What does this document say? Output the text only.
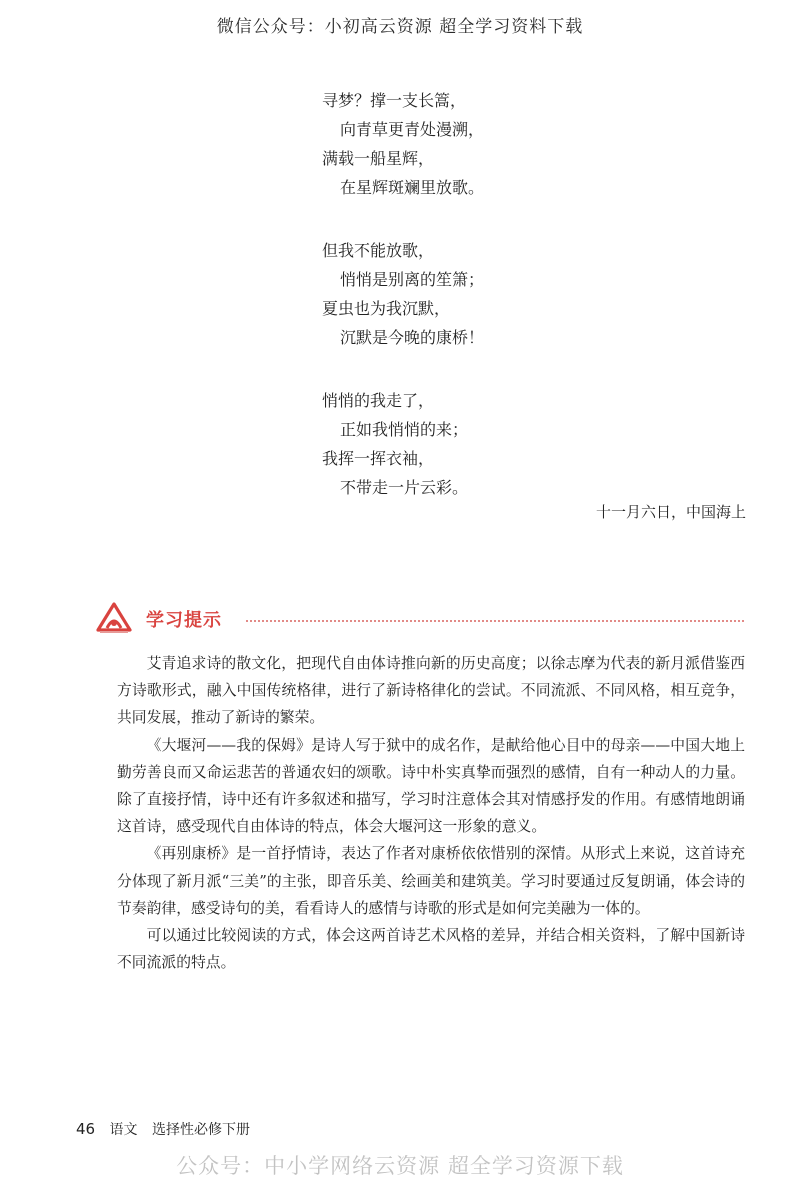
微信公众号：小初高云资源 超全学习资料下载
寻梦？撑一支长篙，
向青草更青处漫溯，
满载一船星辉，
在星辉斑斓里放歌。
但我不能放歌，
悄悄是别离的笙箫；
夏虫也为我沉默，
沉默是今晚的康桥！
悄悄的我走了，
正如我悄悄的来；
我挥一挥衣袖，
不带走一片云彩。
十一月六日，中国海上
学习提示

艾青追求诗的散文化，把现代自由体诗推向新的历史高度；以徐志摩为代表的新月派借鉴西方诗歌形式，融入中国传统格律，进行了新诗格律化的尝试。不同流派、不同风格，相互竞争，共同发展，推动了新诗的繁荣。

《大堰河——我的保姆》是诗人写于狱中的成名作，是献给他心目中的母亲——中国大地上勤劳善良而又命运悲苦的普通农妇的颂歌。诗中朴实真挚而强烈的感情，自有一种动人的力量。除了直接抒情，诗中还有许多叙述和描写，学习时注意体会其对情感抒发的作用。有感情地朗诵这首诗，感受现代自由体诗的特点，体会大堰河这一形象的意义。

《再别康桥》是一首抒情诗，表达了作者对康桥依依惜别的深情。从形式上来说，这首诗充分体现了新月派“三美”的主张，即音乐美、绘画美和建筑美。学习时要通过反复朗诵，体会诗的节奏韵律，感受诗句的美，看看诗人的感情与诗歌的形式是如何完美融为一体的。

可以通过比较阅读的方式，体会这两首诗艺术风格的差异，并结合相关资料，了解中国新诗不同流派的特点。

46 语文 选择性必修下册
公众号：中小学网络云资源 超全学习资源下载
